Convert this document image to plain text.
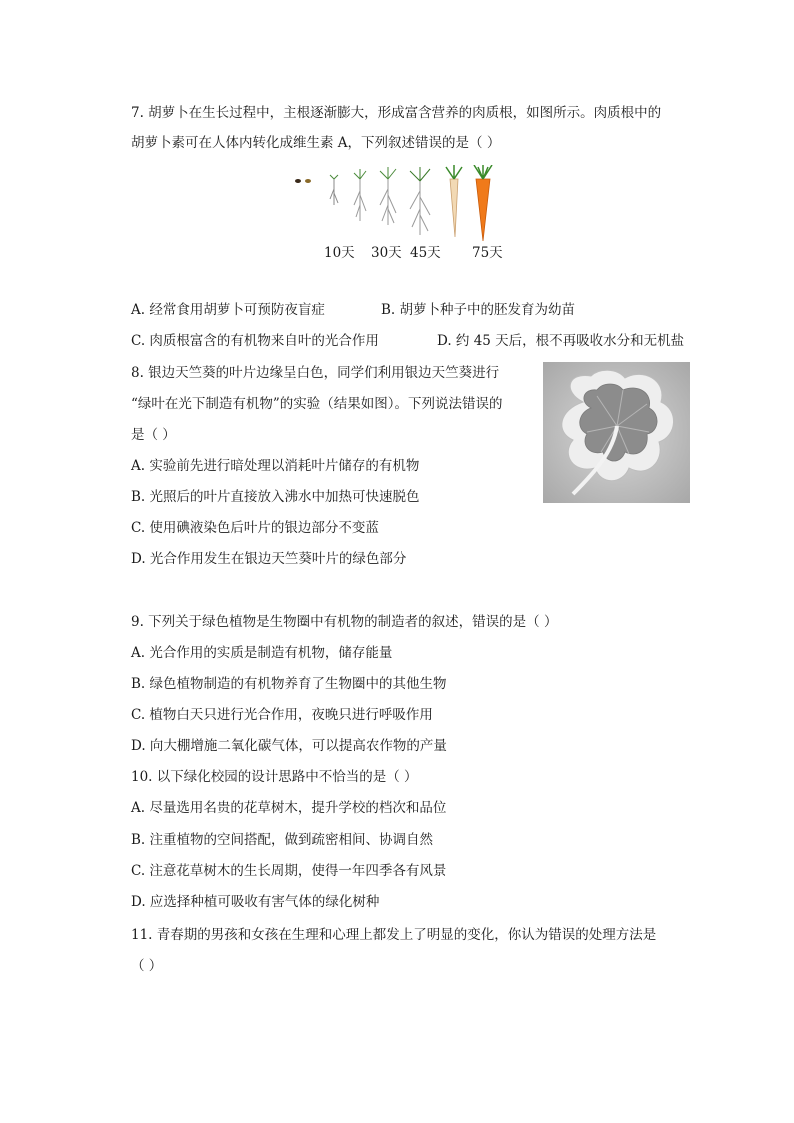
7. 胡萝卜在生长过程中，主根逐渐膨大，形成富含营养的肉质根，如图所示。肉质根中的
胡萝卜素可在人体内转化成维生素 A，下列叙述错误的是（ ）
10天 30天 45天 75天
A. 经常食用胡萝卜可预防夜盲症	B. 胡萝卜种子中的胚发育为幼苗
C. 肉质根富含的有机物来自叶的光合作用	D. 约 45 天后，根不再吸收水分和无机盐
8. 银边天竺葵的叶片边缘呈白色，同学们利用银边天竺葵进行
“绿叶在光下制造有机物”的实验（结果如图）。下列说法错误的
是（ ）
A. 实验前先进行暗处理以消耗叶片储存的有机物
B. 光照后的叶片直接放入沸水中加热可快速脱色
C. 使用碘液染色后叶片的银边部分不变蓝
D. 光合作用发生在银边天竺葵叶片的绿色部分
9. 下列关于绿色植物是生物圈中有机物的制造者的叙述，错误的是（ ）
A. 光合作用的实质是制造有机物，储存能量
B. 绿色植物制造的有机物养育了生物圈中的其他生物
C. 植物白天只进行光合作用，夜晚只进行呼吸作用
D. 向大棚增施二氧化碳气体，可以提高农作物的产量
10. 以下绿化校园的设计思路中不恰当的是（ ）
A. 尽量选用名贵的花草树木，提升学校的档次和品位
B. 注重植物的空间搭配，做到疏密相间、协调自然
C. 注意花草树木的生长周期，使得一年四季各有风景
D. 应选择种植可吸收有害气体的绿化树种
11. 青春期的男孩和女孩在生理和心理上都发上了明显的变化，你认为错误的处理方法是
（ ）
